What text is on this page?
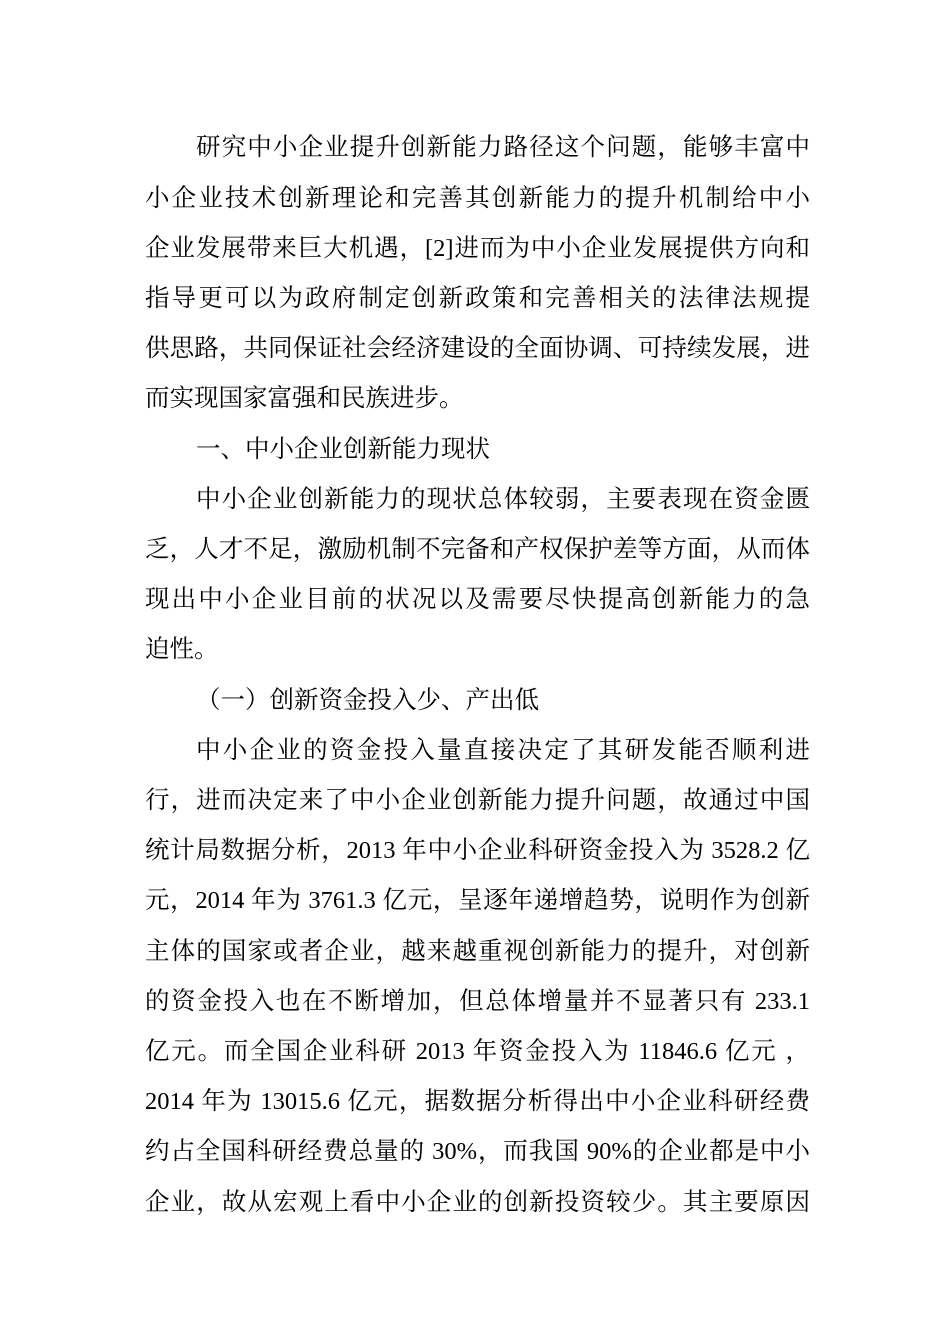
研究中小企业提升创新能力路径这个问题，能够丰富中
小企业技术创新理论和完善其创新能力的提升机制给中小
企业发展带来巨大机遇，[2]进而为中小企业发展提供方向和
指导更可以为政府制定创新政策和完善相关的法律法规提
供思路，共同保证社会经济建设的全面协调、可持续发展，进
而实现国家富强和民族进步。
一、中小企业创新能力现状
中小企业创新能力的现状总体较弱，主要表现在资金匮
乏，人才不足，激励机制不完备和产权保护差等方面，从而体
现出中小企业目前的状况以及需要尽快提高创新能力的急
迫性。
（一）创新资金投入少、产出低
中小企业的资金投入量直接决定了其研发能否顺利进
行，进而决定来了中小企业创新能力提升问题，故通过中国
统计局数据分析，2013 年中小企业科研资金投入为 3528.2 亿
元，2014 年为 3761.3 亿元，呈逐年递增趋势，说明作为创新
主体的国家或者企业，越来越重视创新能力的提升，对创新
的资金投入也在不断增加，但总体增量并不显著只有 233.1
亿元。而全国企业科研 2013 年资金投入为 11846.6 亿元 ，
2014 年为 13015.6 亿元，据数据分析得出中小企业科研经费
约占全国科研经费总量的 30%，而我国 90%的企业都是中小
企业，故从宏观上看中小企业的创新投资较少。其主要原因
